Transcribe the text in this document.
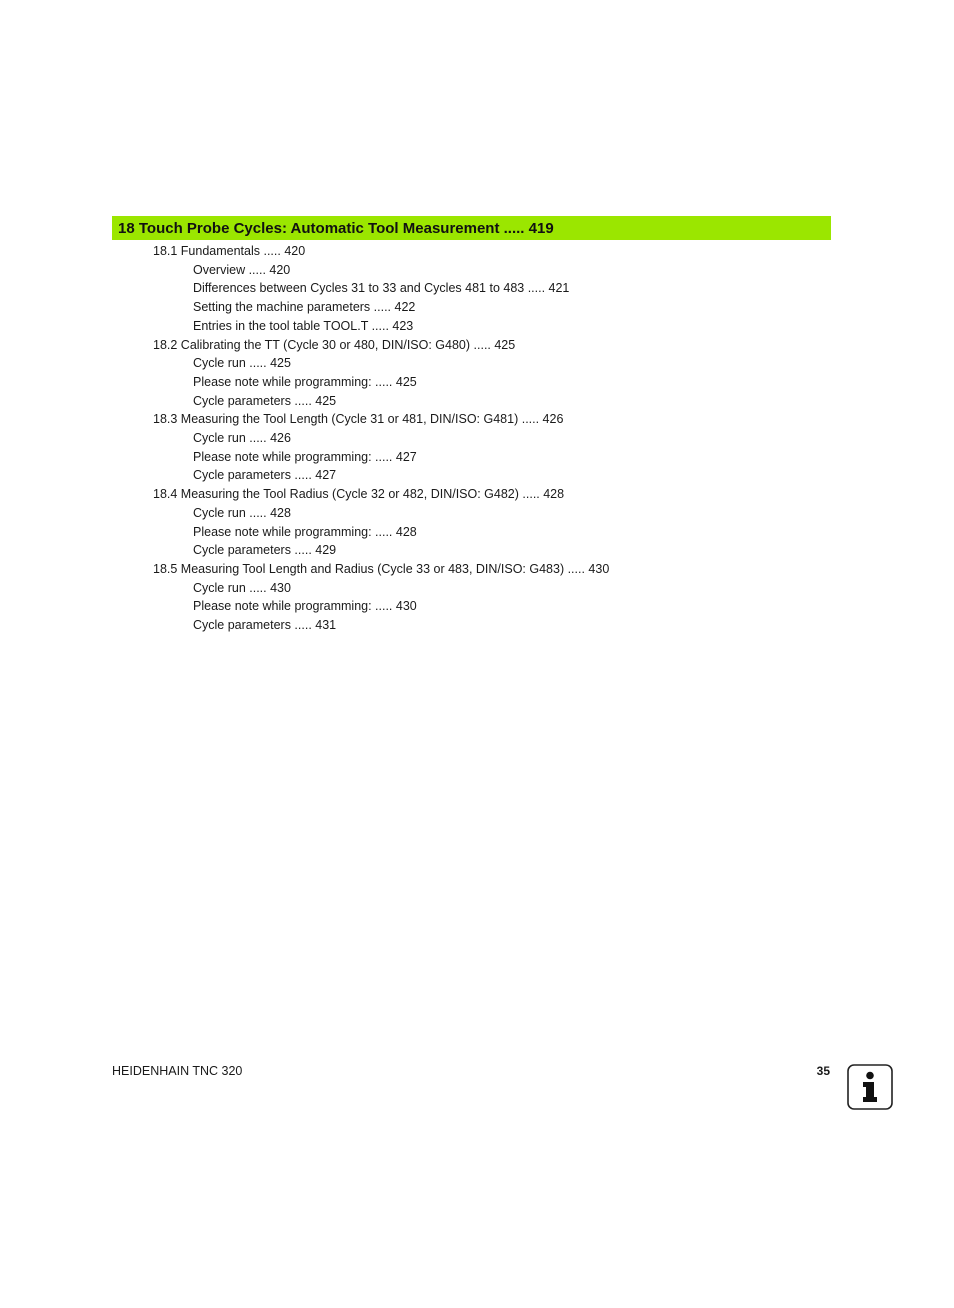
18 Touch Probe Cycles: Automatic Tool Measurement ..... 419
18.1 Fundamentals ..... 420
Overview ..... 420
Differences between Cycles 31 to 33 and Cycles 481 to 483 ..... 421
Setting the machine parameters ..... 422
Entries in the tool table TOOL.T ..... 423
18.2 Calibrating the TT (Cycle 30 or 480, DIN/ISO: G480) ..... 425
Cycle run ..... 425
Please note while programming: ..... 425
Cycle parameters ..... 425
18.3 Measuring the Tool Length (Cycle 31 or 481, DIN/ISO: G481) ..... 426
Cycle run ..... 426
Please note while programming: ..... 427
Cycle parameters ..... 427
18.4 Measuring the Tool Radius (Cycle 32 or 482, DIN/ISO: G482) ..... 428
Cycle run ..... 428
Please note while programming: ..... 428
Cycle parameters ..... 429
18.5 Measuring Tool Length and Radius (Cycle 33 or 483, DIN/ISO: G483) ..... 430
Cycle run ..... 430
Please note while programming: ..... 430
Cycle parameters ..... 431
HEIDENHAIN TNC 320	35
